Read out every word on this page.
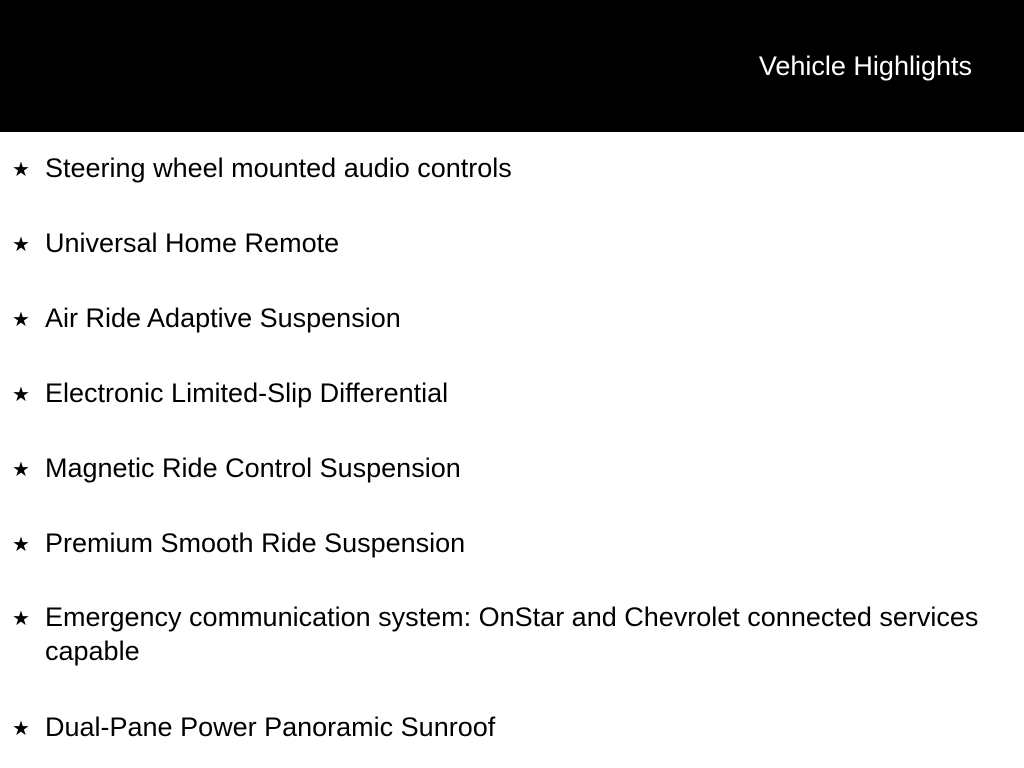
Vehicle Highlights
★ Steering wheel mounted audio controls
★ Universal Home Remote
★ Air Ride Adaptive Suspension
★ Electronic Limited-Slip Differential
★ Magnetic Ride Control Suspension
★ Premium Smooth Ride Suspension
★ Emergency communication system: OnStar and Chevrolet connected services capable
★ Dual-Pane Power Panoramic Sunroof
